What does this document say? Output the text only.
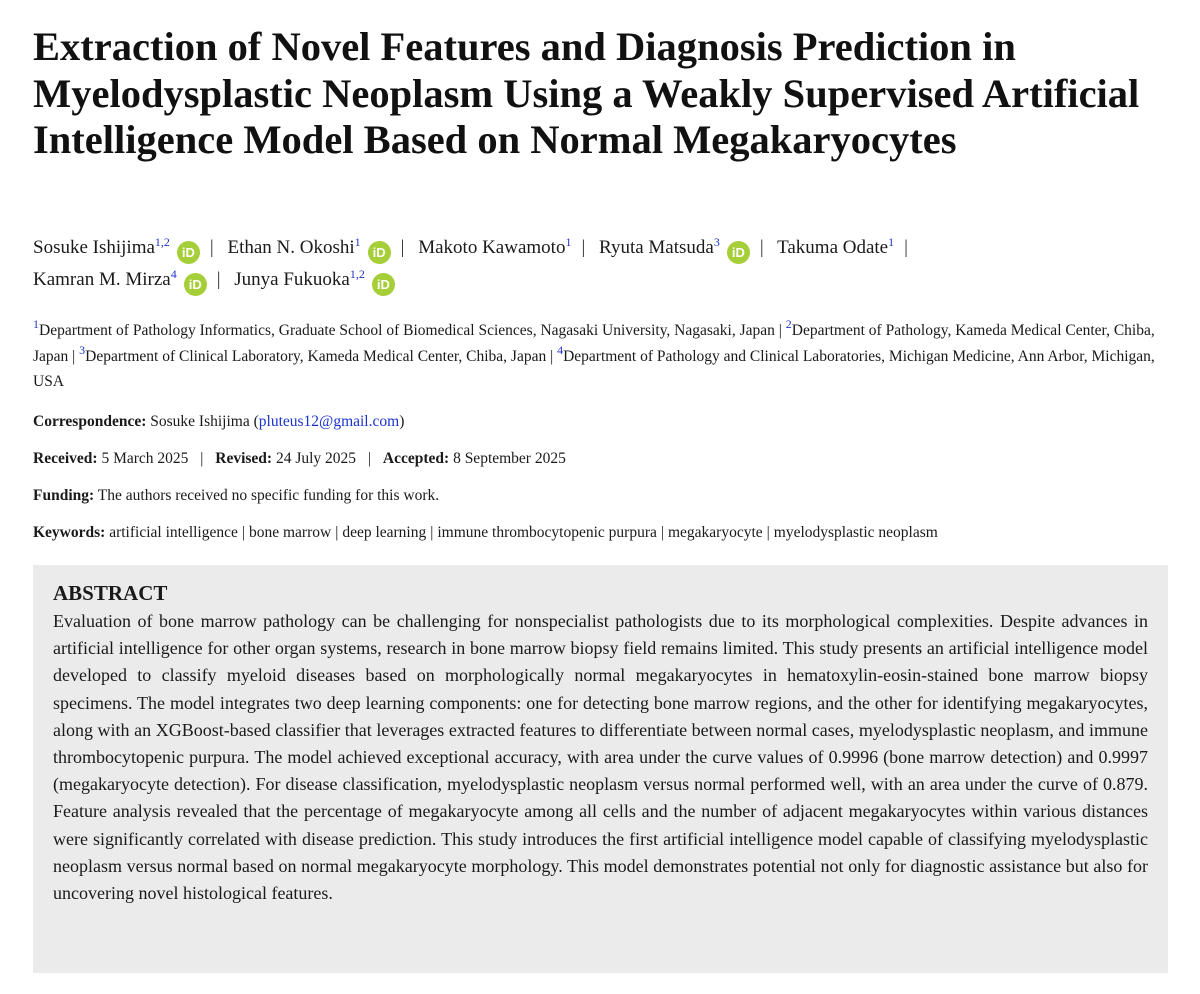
Extraction of Novel Features and Diagnosis Prediction in Myelodysplastic Neoplasm Using a Weakly Supervised Artificial Intelligence Model Based on Normal Megakaryocytes
Sosuke Ishijima$^{1,2}$iD | Ethan N. Okoshi$^1$iD | Makoto Kawamoto$^1$ | Ryuta Matsuda$^3$iD | Takuma Odate$^1$ |
Kamran M. Mirza$^4$iD | Junya Fukuoka$^{1,2}$iD
$^1$Department of Pathology Informatics, Graduate School of Biomedical Sciences, Nagasaki University, Nagasaki, Japan | $^2$Department of Pathology, Kameda Medical Center, Chiba, Japan | $^3$Department of Clinical Laboratory, Kameda Medical Center, Chiba, Japan | $^4$Department of Pathology and Clinical Laboratories, Michigan Medicine, Ann Arbor, Michigan, USA
Correspondence: Sosuke Ishijima (pluteus12@gmail.com)
Received: 5 March 2025 | Revised: 24 July 2025 | Accepted: 8 September 2025
Funding: The authors received no specific funding for this work.
Keywords: artificial intelligence | bone marrow | deep learning | immune thrombocytopenic purpura | megakaryocyte | myelodysplastic neoplasm

ABSTRACT

Evaluation of bone marrow pathology can be challenging for nonspecialist pathologists due to its morphological complexities. Despite advances in artificial intelligence for other organ systems, research in bone marrow biopsy field remains limited. This study presents an artificial intelligence model developed to classify myeloid diseases based on morphologically normal megakaryocytes in hematoxylin-eosin-stained bone marrow biopsy specimens. The model integrates two deep learning components: one for detecting bone marrow regions, and the other for identifying megakaryocytes, along with an XGBoost-based classifier that leverages extracted features to differentiate between normal cases, myelodysplastic neoplasm, and immune thrombocytopenic purpura. The model achieved exceptional accuracy, with area under the curve values of 0.9996 (bone marrow detection) and 0.9997 (megakaryocyte detection). For disease classification, myelodysplastic neoplasm versus normal performed well, with an area under the curve of 0.879. Feature analysis revealed that the percentage of megakaryocyte among all cells and the number of adjacent megakaryocytes within various distances were significantly correlated with disease prediction. This study introduces the first artificial intelligence model capable of classifying myelodysplastic neoplasm versus normal based on normal megakaryocyte morphology. This model demonstrates potential not only for diagnostic assistance but also for uncovering novel histological features.
